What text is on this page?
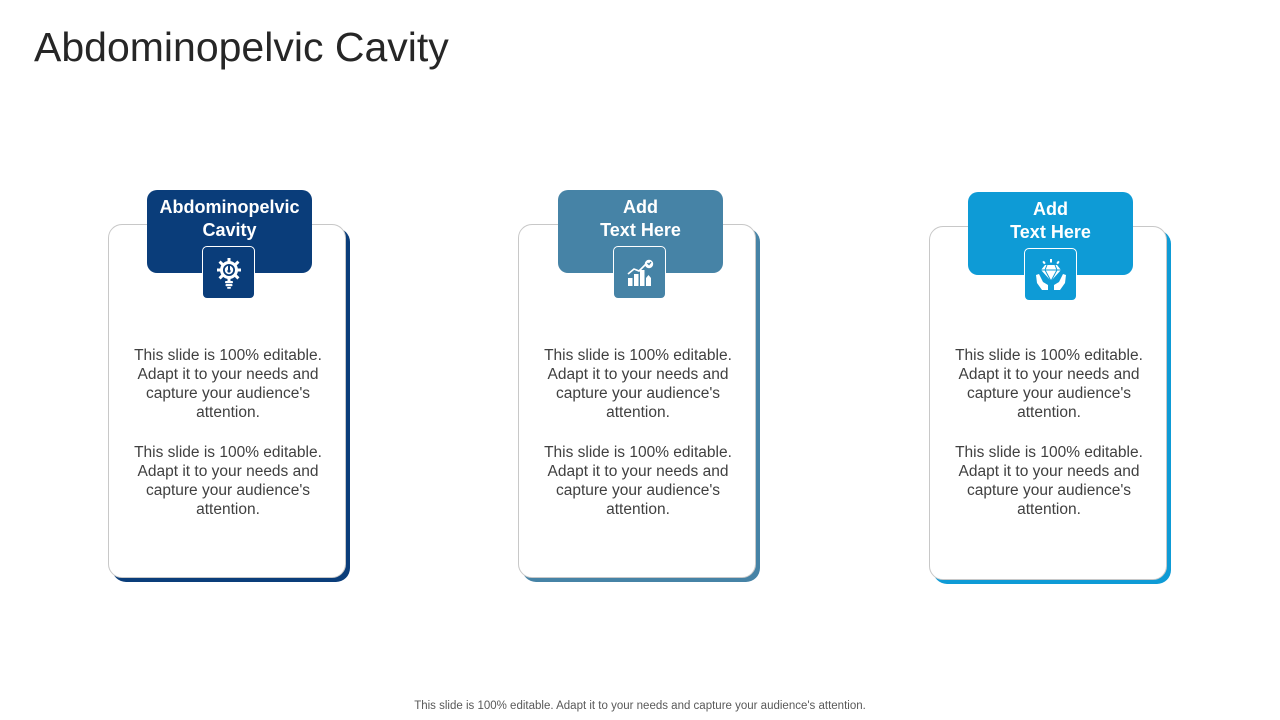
Abdominopelvic Cavity

This slide is 100% editable. Adapt it to your needs and capture your audience's attention.

This slide is 100% editable. Adapt it to your needs and capture your audience's attention.

Abdominopelvic
Cavity

This slide is 100% editable. Adapt it to your needs and capture your audience's attention.

This slide is 100% editable. Adapt it to your needs and capture your audience's attention.

Add
Text Here

This slide is 100% editable. Adapt it to your needs and capture your audience's attention.

This slide is 100% editable. Adapt it to your needs and capture your audience's attention.

Add
Text Here

This slide is 100% editable. Adapt it to your needs and capture your audience's attention.
